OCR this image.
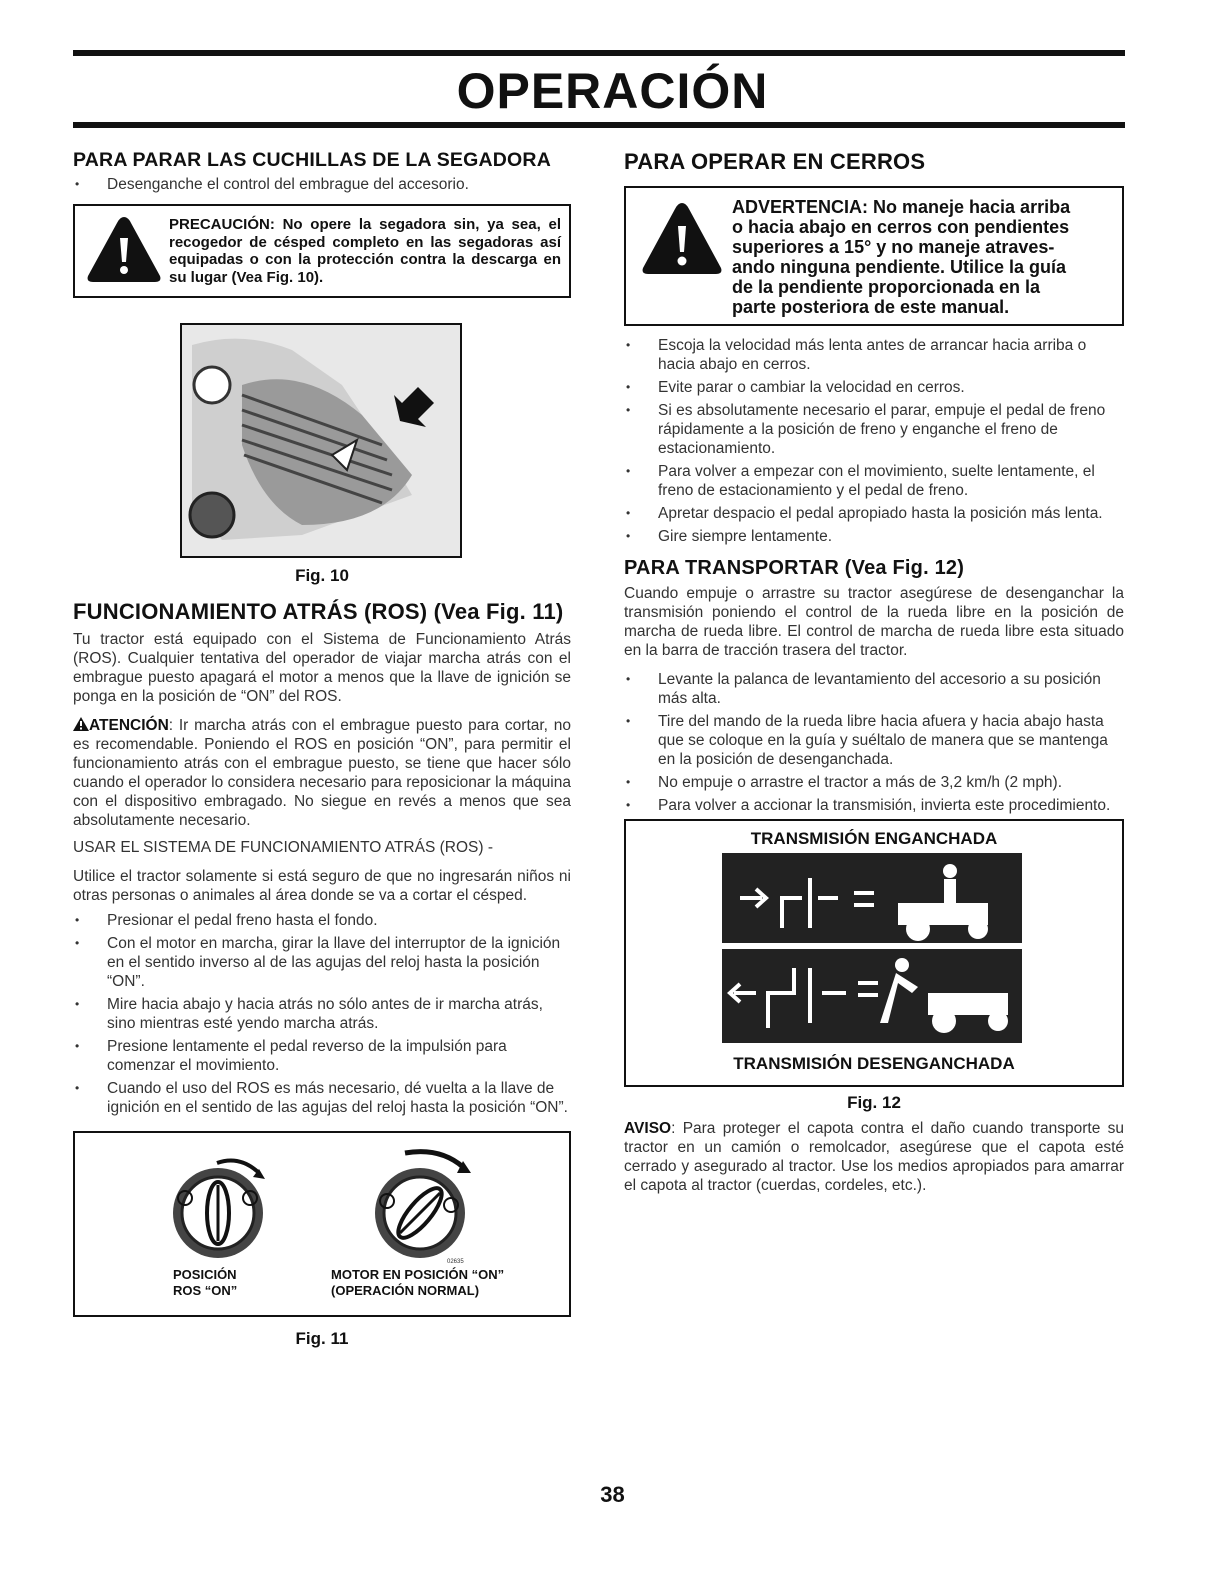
OPERACIÓN
PARA PARAR LAS CUCHILLAS DE LA SEGADORA
• Desenganche el control del embrague del accesorio.
PRECAUCIÓN: No opere la segadora sin, ya sea, el recogedor de césped completo en las segadoras así equipadas o con la protección contra la descarga en su lugar (Vea Fig. 10).
Fig. 10
FUNCIONAMIENTO ATRÁS (ROS) (Vea Fig. 11)

Tu tractor está equipado con el Sistema de Funcionamiento Atrás (ROS). Cualquier tentativa del operador de viajar marcha atrás con el embrague puesto apagará el motor a menos que la llave de ignición se ponga en la posición de “ON” del ROS.

ATENCIÓN: Ir marcha atrás con el embrague puesto para cortar, no es recomendable. Poniendo el ROS en posición “ON”, para permitir el funcionamiento atrás con el embrague puesto, se tiene que hacer sólo cuando el operador lo considera necesario para reposicionar la máquina con el dispositivo embragado. No siegue en revés a menos que sea absolutamente necesario.

USAR EL SISTEMA DE FUNCIONAMIENTO ATRÁS (ROS) -

Utilice el tractor solamente si está seguro de que no ingresarán niños ni otras personas o animales al área donde se va a cortar el césped.

• Presionar el pedal freno hasta el fondo.
• Con el motor en marcha, girar la llave del interruptor de la ignición en el sentido inverso al de las agujas del reloj hasta la posición “ON”.
• Mire hacia abajo y hacia atrás no sólo antes de ir marcha atrás, sino mientras esté yendo marcha atrás.
• Presione lentamente el pedal reverso de la impulsión para comenzar el movimiento.
• Cuando el uso del ROS es más necesario, dé vuelta a la llave de ignición en el sentido de las agujas del reloj hasta la posición “ON”.
02635
POSICIÓN
ROS “ON”
MOTOR EN POSICIÓN “ON”
(OPERACIÓN NORMAL)
Fig. 11
PARA OPERAR EN CERROS
ADVERTENCIA: No maneje hacia arriba
o hacia abajo en cerros con pendientes
superiores a 15° y no maneje atraves-
ando ninguna pendiente. Utilice la guía
de la pendiente proporcionada en la
parte posteriora de este manual.
• Escoja la velocidad más lenta antes de arrancar hacia arriba o hacia abajo en cerros.
• Evite parar o cambiar la velocidad en cerros.
• Si es absolutamente necesario el parar, empuje el pedal de freno rápidamente a la posición de freno y enganche el freno de estacionamiento.
• Para volver a empezar con el movimiento, suelte lentamente, el freno de estacionamiento y el pedal de freno.
• Apretar despacio el pedal apropiado hasta la posición más lenta.
• Gire siempre lentamente.
PARA TRANSPORTAR (Vea Fig. 12)

Cuando empuje o arrastre su tractor asegúrese de desenganchar la transmisión poniendo el control de la rueda libre en la posición de marcha de rueda libre. El control de marcha de rueda libre esta situado en la barra de tracción trasera del tractor.

• Levante la palanca de levantamiento del accesorio a su posición más alta.
• Tire del mando de la rueda libre hacia afuera y hacia abajo hasta que se coloque en la guía y suéltalo de manera que se mantenga en la posición de desenganchada.
• No empuje o arrastre el tractor a más de 3,2 km/h (2 mph).
• Para volver a accionar la transmisión, invierta este procedimiento.
TRANSMISIÓN ENGANCHADA
TRANSMISIÓN DESENGANCHADA
Fig. 12

AVISO: Para proteger el capota contra el daño cuando transporte su tractor en un camión o remolcador, asegúrese que el capota esté cerrado y asegurado al tractor. Use los medios apropiados para amarrar el capota al tractor (cuerdas, cordeles, etc.).

38
